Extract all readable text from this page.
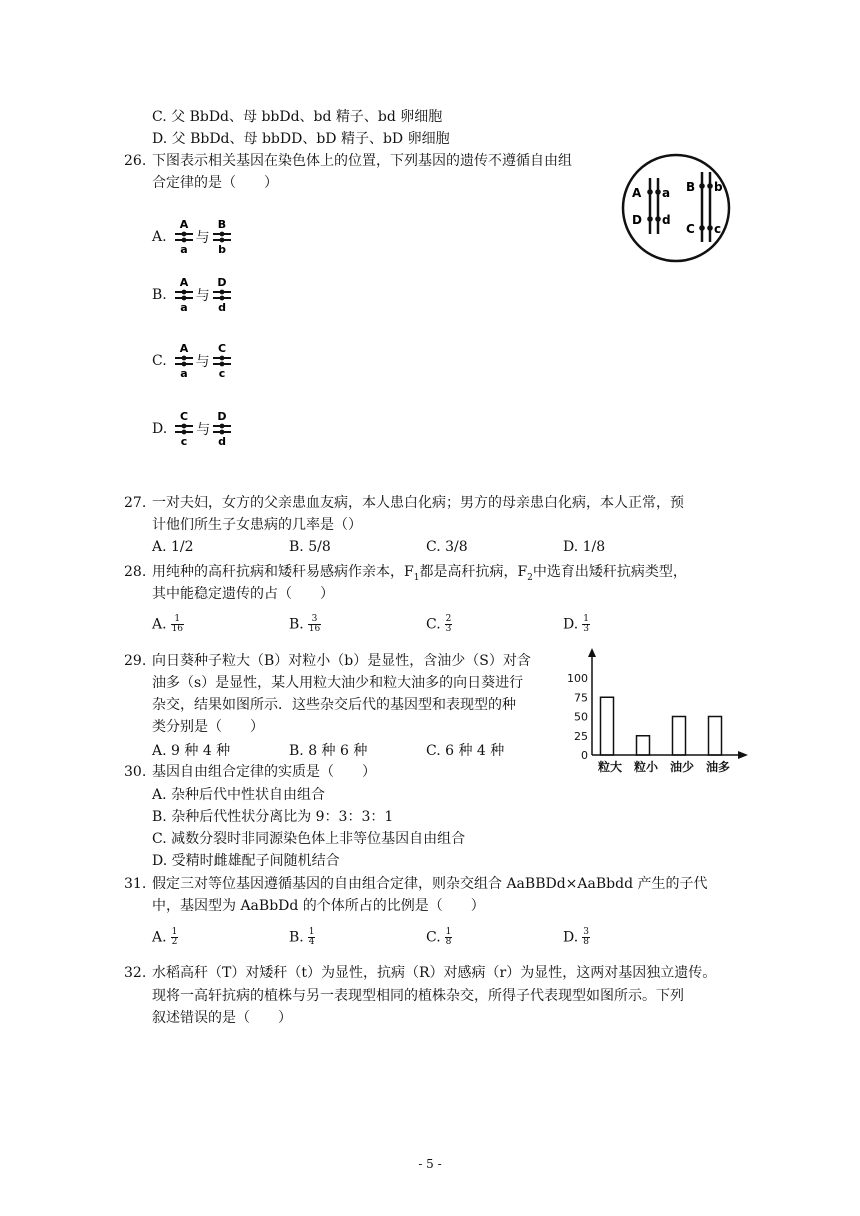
C. 父 BbDd、母 bbDd、bd 精子、bd 卵细胞
D. 父 BbDd、母 bbDD、bD 精子、bD 卵细胞
26. 下图表示相关基因在染色体上的位置，下列基因的遗传不遵循自由组
合定律的是（　　）
A a
D d
B b
C c
A.
A
a
与
B
b
B.
A
a
与
D
d
C.
A
a
与
C
c
D.
C
c
与
D
d
27. 一对夫妇，女方的父亲患血友病，本人患白化病；男方的母亲患白化病，本人正常，预
计他们所生子女患病的几率是（）
A. 1/2	B. 5/8	C. 3/8	D. 1/8
28. 用纯种的高秆抗病和矮秆易感病作亲本，$F_1$都是高秆抗病，$F_2$中选育出矮秆抗病类型，
其中能稳定遗传的占（　　）
A. $\frac{1}{16}$	B. $\frac{3}{16}$	C. $\frac{2}{3}$	D. $\frac{1}{3}$
29. 向日葵种子粒大（B）对粒小（b）是显性，含油少（S）对含
油多（s）是显性，某人用粒大油少和粒大油多的向日葵进行
杂交，结果如图所示．这些杂交后代的基因型和表现型的种
类分别是（　　）
A. 9 种 4 种	B. 8 种 6 种	C. 6 种 4 种	0
25
50
75
100
粒大 粒小 油少 油多
30. 基因自由组合定律的实质是（　　）
A. 杂种后代中性状自由组合
B. 杂种后代性状分离比为 9：3：3：1
C. 减数分裂时非同源染色体上非等位基因自由组合
D. 受精时雌雄配子间随机结合
31. 假定三对等位基因遵循基因的自由组合定律，则杂交组合 AaBBDd×AaBbdd 产生的子代
中，基因型为 AaBbDd 的个体所占的比例是（　　）
A. $\frac{1}{2}$	B. $\frac{1}{4}$	C. $\frac{1}{8}$	D. $\frac{3}{8}$
32. 水稻高秆（T）对矮秆（t）为显性，抗病（R）对感病（r）为显性，这两对基因独立遗传。
现将一高轩抗病的植株与另一表现型相同的植株杂交，所得子代表现型如图所示。下列
叙述错误的是（　　）
- 5 -
